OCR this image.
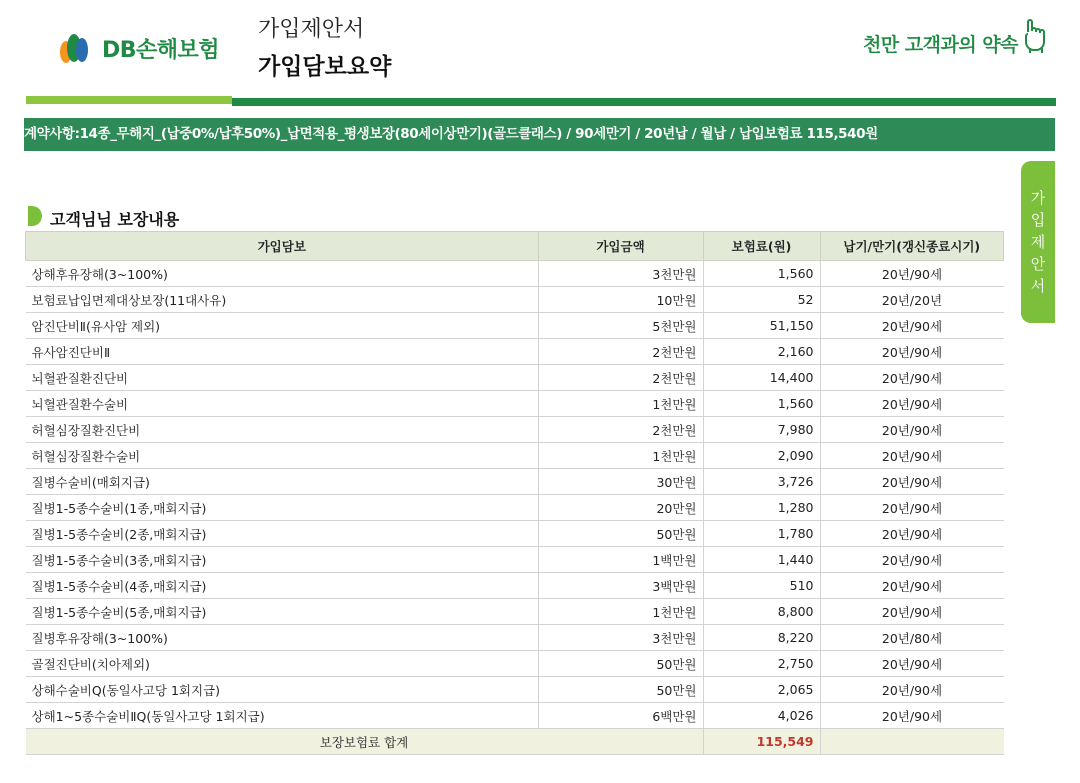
DB손해보험
가입제안서
가입담보요약
천만 고객과의 약속
계약사항:14종_무해지_(납중0%/납후50%)_납면적용_평생보장(80세이상만기)(골드클래스) / 90세만기 / 20년납 / 월납 / 납입보험료 115,540원
가
입
제
안
서
고객님님 보장내용
가입담보	가입금액	보험료(원)	납기/만기(갱신종료시기)
상해후유장해(3~100%)	3천만원	1,560	20년/90세
보험료납입면제대상보장(11대사유)	10만원	52	20년/20년
암진단비Ⅱ(유사암 제외)	5천만원	51,150	20년/90세
유사암진단비Ⅱ	2천만원	2,160	20년/90세
뇌혈관질환진단비	2천만원	14,400	20년/90세
뇌혈관질환수술비	1천만원	1,560	20년/90세
허혈심장질환진단비	2천만원	7,980	20년/90세
허혈심장질환수술비	1천만원	2,090	20년/90세
질병수술비(매회지급)	30만원	3,726	20년/90세
질병1-5종수술비(1종,매회지급)	20만원	1,280	20년/90세
질병1-5종수술비(2종,매회지급)	50만원	1,780	20년/90세
질병1-5종수술비(3종,매회지급)	1백만원	1,440	20년/90세
질병1-5종수술비(4종,매회지급)	3백만원	510	20년/90세
질병1-5종수술비(5종,매회지급)	1천만원	8,800	20년/90세
질병후유장해(3~100%)	3천만원	8,220	20년/80세
골절진단비(치아제외)	50만원	2,750	20년/90세
상해수술비Q(동일사고당 1회지급)	50만원	2,065	20년/90세
상해1~5종수술비ⅡQ(동일사고당 1회지급)	6백만원	4,026	20년/90세
보장보험료 합계		115,549	
